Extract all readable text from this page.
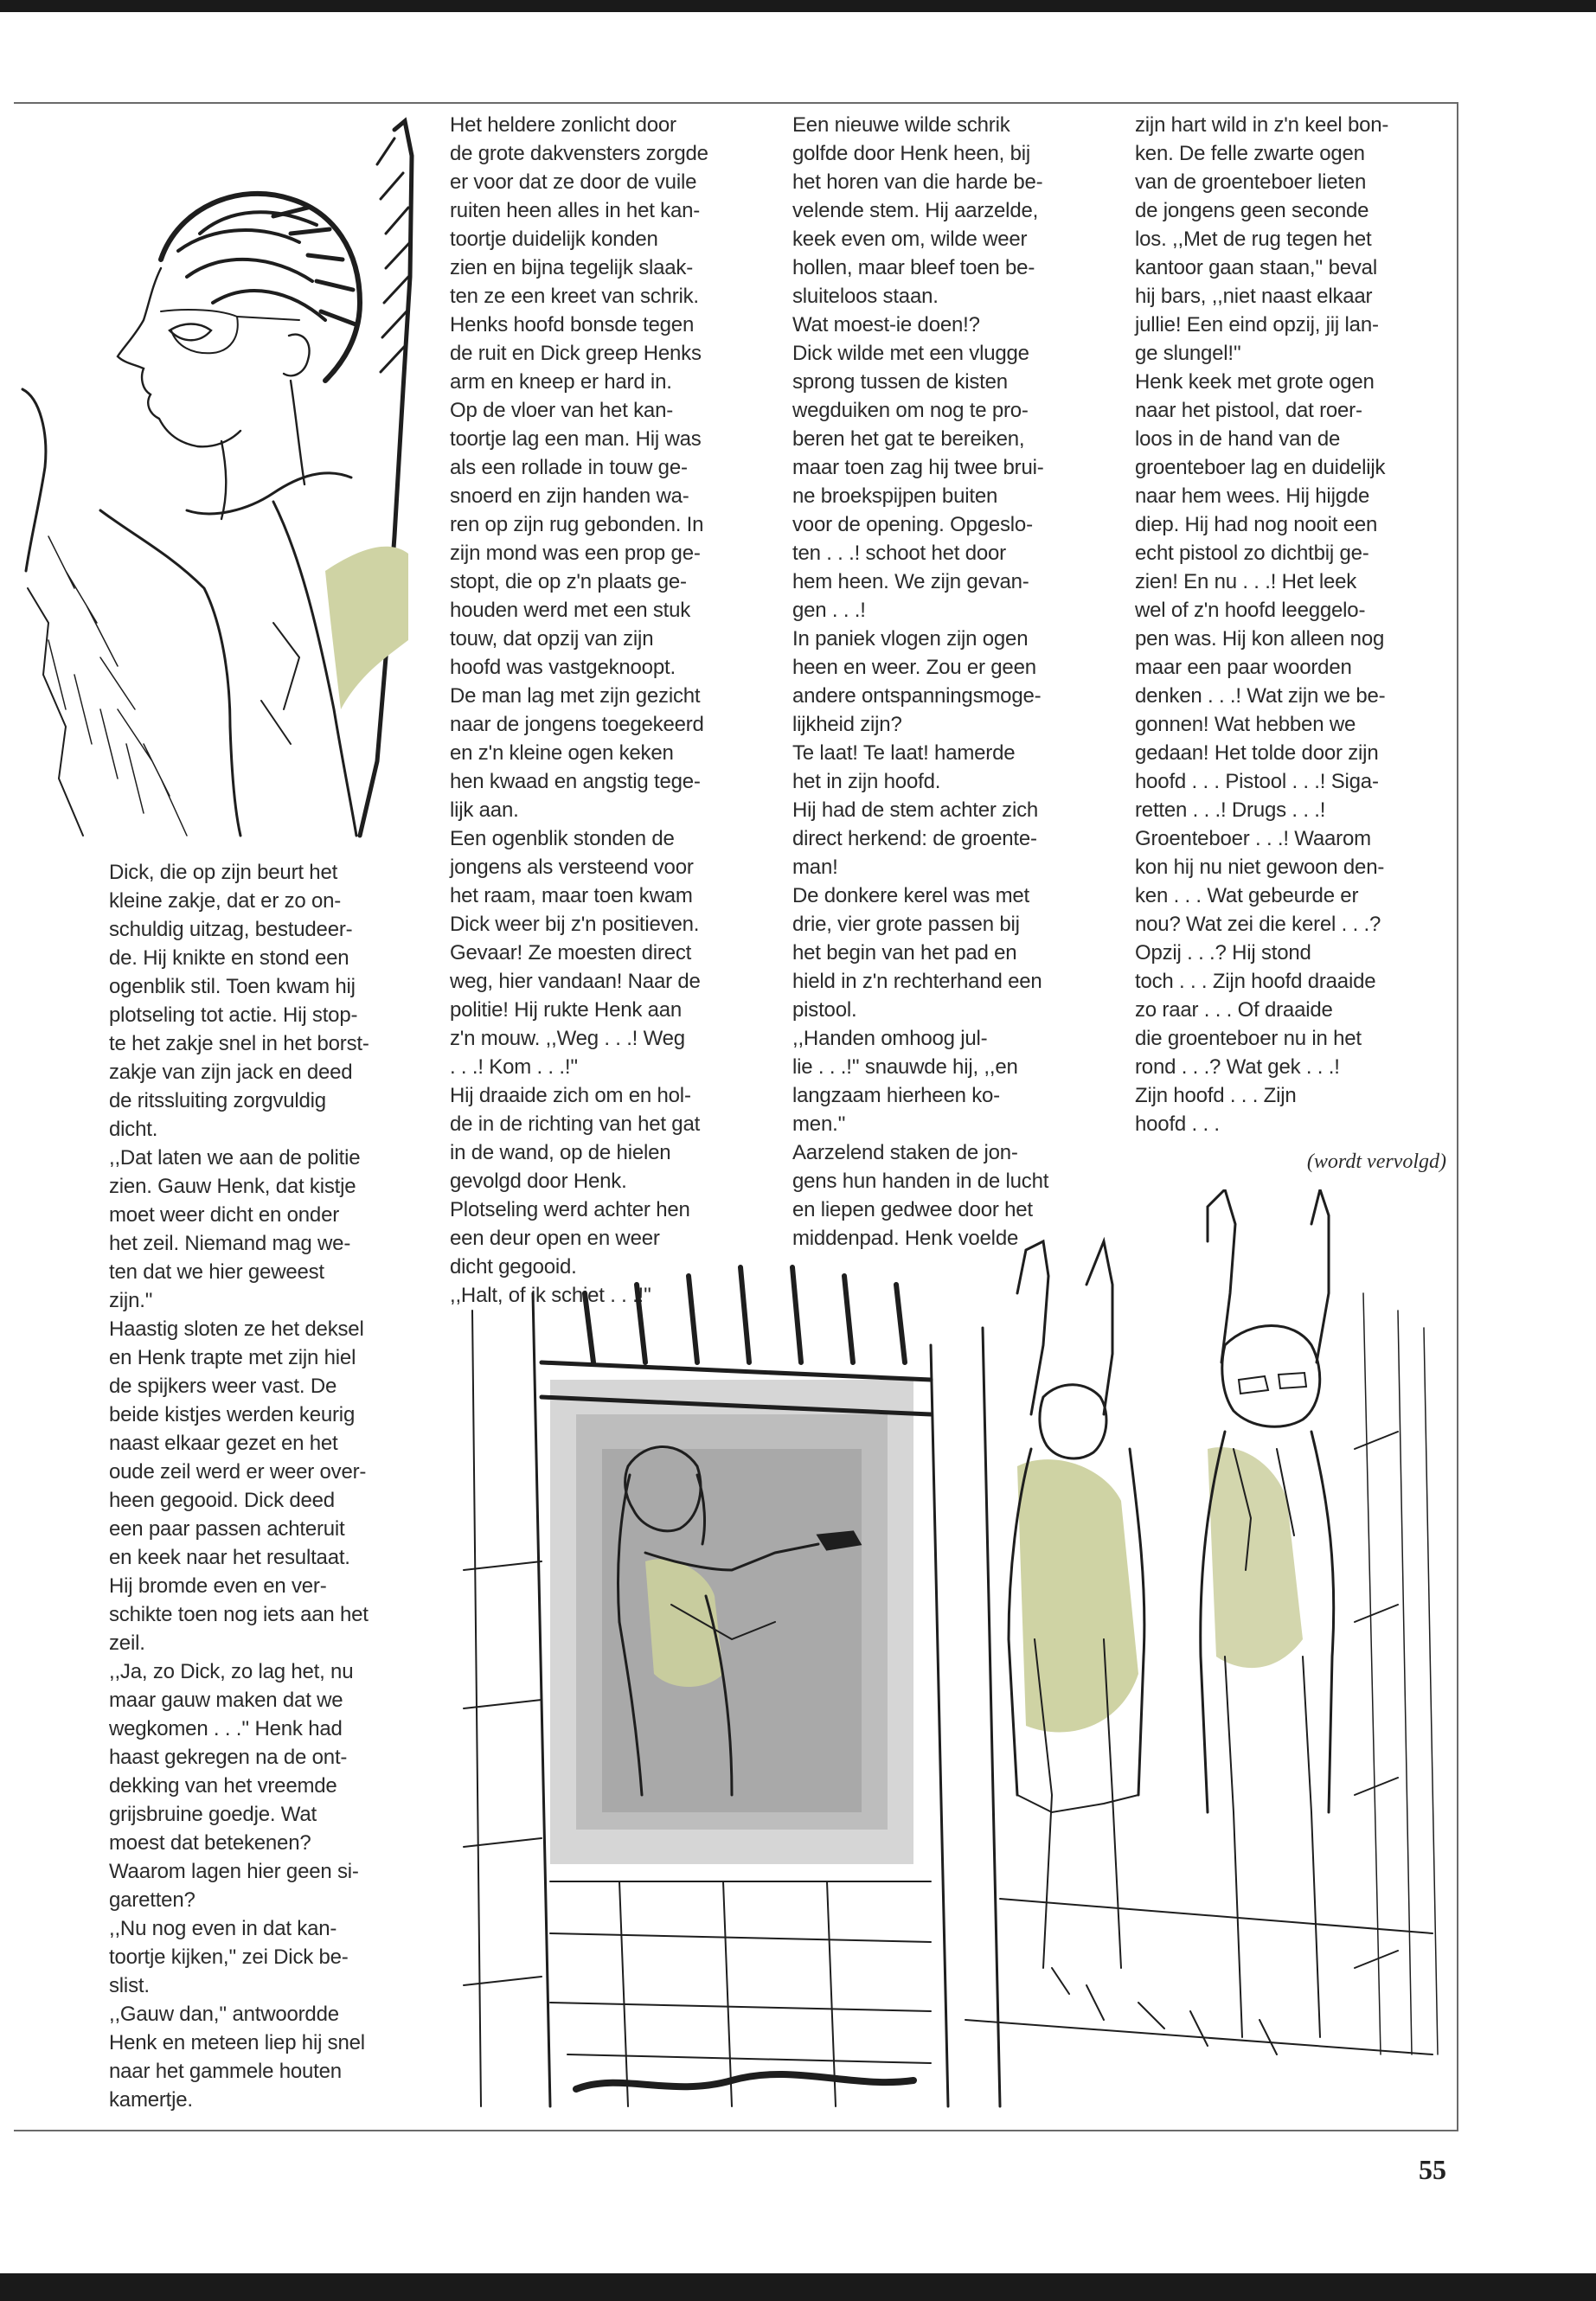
Dick, die op zijn beurt het
kleine zakje, dat er zo on-
schuldig uitzag, bestudeer-
de. Hij knikte en stond een
ogenblik stil. Toen kwam hij
plotseling tot actie. Hij stop-
te het zakje snel in het borst-
zakje van zijn jack en deed
de ritssluiting zorgvuldig
dicht.
,,Dat laten we aan de politie
zien. Gauw Henk, dat kistje
moet weer dicht en onder
het zeil. Niemand mag we-
ten dat we hier geweest
zijn.''
Haastig sloten ze het deksel
en Henk trapte met zijn hiel
de spijkers weer vast. De
beide kistjes werden keurig
naast elkaar gezet en het
oude zeil werd er weer over-
heen gegooid. Dick deed
een paar passen achteruit
en keek naar het resultaat.
Hij bromde even en ver-
schikte toen nog iets aan het
zeil.
,,Ja, zo Dick, zo lag het, nu
maar gauw maken dat we
wegkomen . . .'' Henk had
haast gekregen na de ont-
dekking van het vreemde
grijsbruine goedje. Wat
moest dat betekenen?
Waarom lagen hier geen si-
garetten?
,,Nu nog even in dat kan-
toortje kijken,'' zei Dick be-
slist.
,,Gauw dan,'' antwoordde
Henk en meteen liep hij snel
naar het gammele houten
kamertje.

Het heldere zonlicht door
de grote dakvensters zorgde
er voor dat ze door de vuile
ruiten heen alles in het kan-
toortje duidelijk konden
zien en bijna tegelijk slaak-
ten ze een kreet van schrik.
Henks hoofd bonsde tegen
de ruit en Dick greep Henks
arm en kneep er hard in.
Op de vloer van het kan-
toortje lag een man. Hij was
als een rollade in touw ge-
snoerd en zijn handen wa-
ren op zijn rug gebonden. In
zijn mond was een prop ge-
stopt, die op z'n plaats ge-
houden werd met een stuk
touw, dat opzij van zijn
hoofd was vastgeknoopt.
De man lag met zijn gezicht
naar de jongens toegekeerd
en z'n kleine ogen keken
hen kwaad en angstig tege-
lijk aan.
Een ogenblik stonden de
jongens als versteend voor
het raam, maar toen kwam
Dick weer bij z'n positieven.
Gevaar! Ze moesten direct
weg, hier vandaan! Naar de
politie! Hij rukte Henk aan
z'n mouw. ,,Weg . . .! Weg
. . .! Kom . . .!''
Hij draaide zich om en hol-
de in de richting van het gat
in de wand, op de hielen
gevolgd door Henk.
Plotseling werd achter hen
een deur open en weer
dicht gegooid.
,,Halt, of ik schiet . . .!''

Een nieuwe wilde schrik
golfde door Henk heen, bij
het horen van die harde be-
velende stem. Hij aarzelde,
keek even om, wilde weer
hollen, maar bleef toen be-
sluiteloos staan.
Wat moest-ie doen!?
Dick wilde met een vlugge
sprong tussen de kisten
wegduiken om nog te pro-
beren het gat te bereiken,
maar toen zag hij twee brui-
ne broekspijpen buiten
voor de opening. Opgeslo-
ten . . .! schoot het door
hem heen. We zijn gevan-
gen . . .!
In paniek vlogen zijn ogen
heen en weer. Zou er geen
andere ontspanningsmoge-
lijkheid zijn?
Te laat! Te laat! hamerde
het in zijn hoofd.
Hij had de stem achter zich
direct herkend: de groente-
man!
De donkere kerel was met
drie, vier grote passen bij
het begin van het pad en
hield in z'n rechterhand een
pistool.
,,Handen omhoog jul-
lie . . .!'' snauwde hij, ,,en
langzaam hierheen ko-
men.''
Aarzelend staken de jon-
gens hun handen in de lucht
en liepen gedwee door het
middenpad. Henk voelde

zijn hart wild in z'n keel bon-
ken. De felle zwarte ogen
van de groenteboer lieten
de jongens geen seconde
los. ,,Met de rug tegen het
kantoor gaan staan,'' beval
hij bars, ,,niet naast elkaar
jullie! Een eind opzij, jij lan-
ge slungel!''
Henk keek met grote ogen
naar het pistool, dat roer-
loos in de hand van de
groenteboer lag en duidelijk
naar hem wees. Hij hijgde
diep. Hij had nog nooit een
echt pistool zo dichtbij ge-
zien! En nu . . .! Het leek
wel of z'n hoofd leeggelo-
pen was. Hij kon alleen nog
maar een paar woorden
denken . . .! Wat zijn we be-
gonnen! Wat hebben we
gedaan! Het tolde door zijn
hoofd . . . Pistool . . .! Siga-
retten . . .! Drugs . . .!
Groenteboer . . .! Waarom
kon hij nu niet gewoon den-
ken . . . Wat gebeurde er
nou? Wat zei die kerel . . .?
Opzij . . .? Hij stond
toch . . . Zijn hoofd draaide
zo raar . . . Of draaide
die groenteboer nu in het
rond . . .? Wat gek . . .!
Zijn hoofd . . . Zijn
hoofd . . .

(wordt vervolgd)
55
